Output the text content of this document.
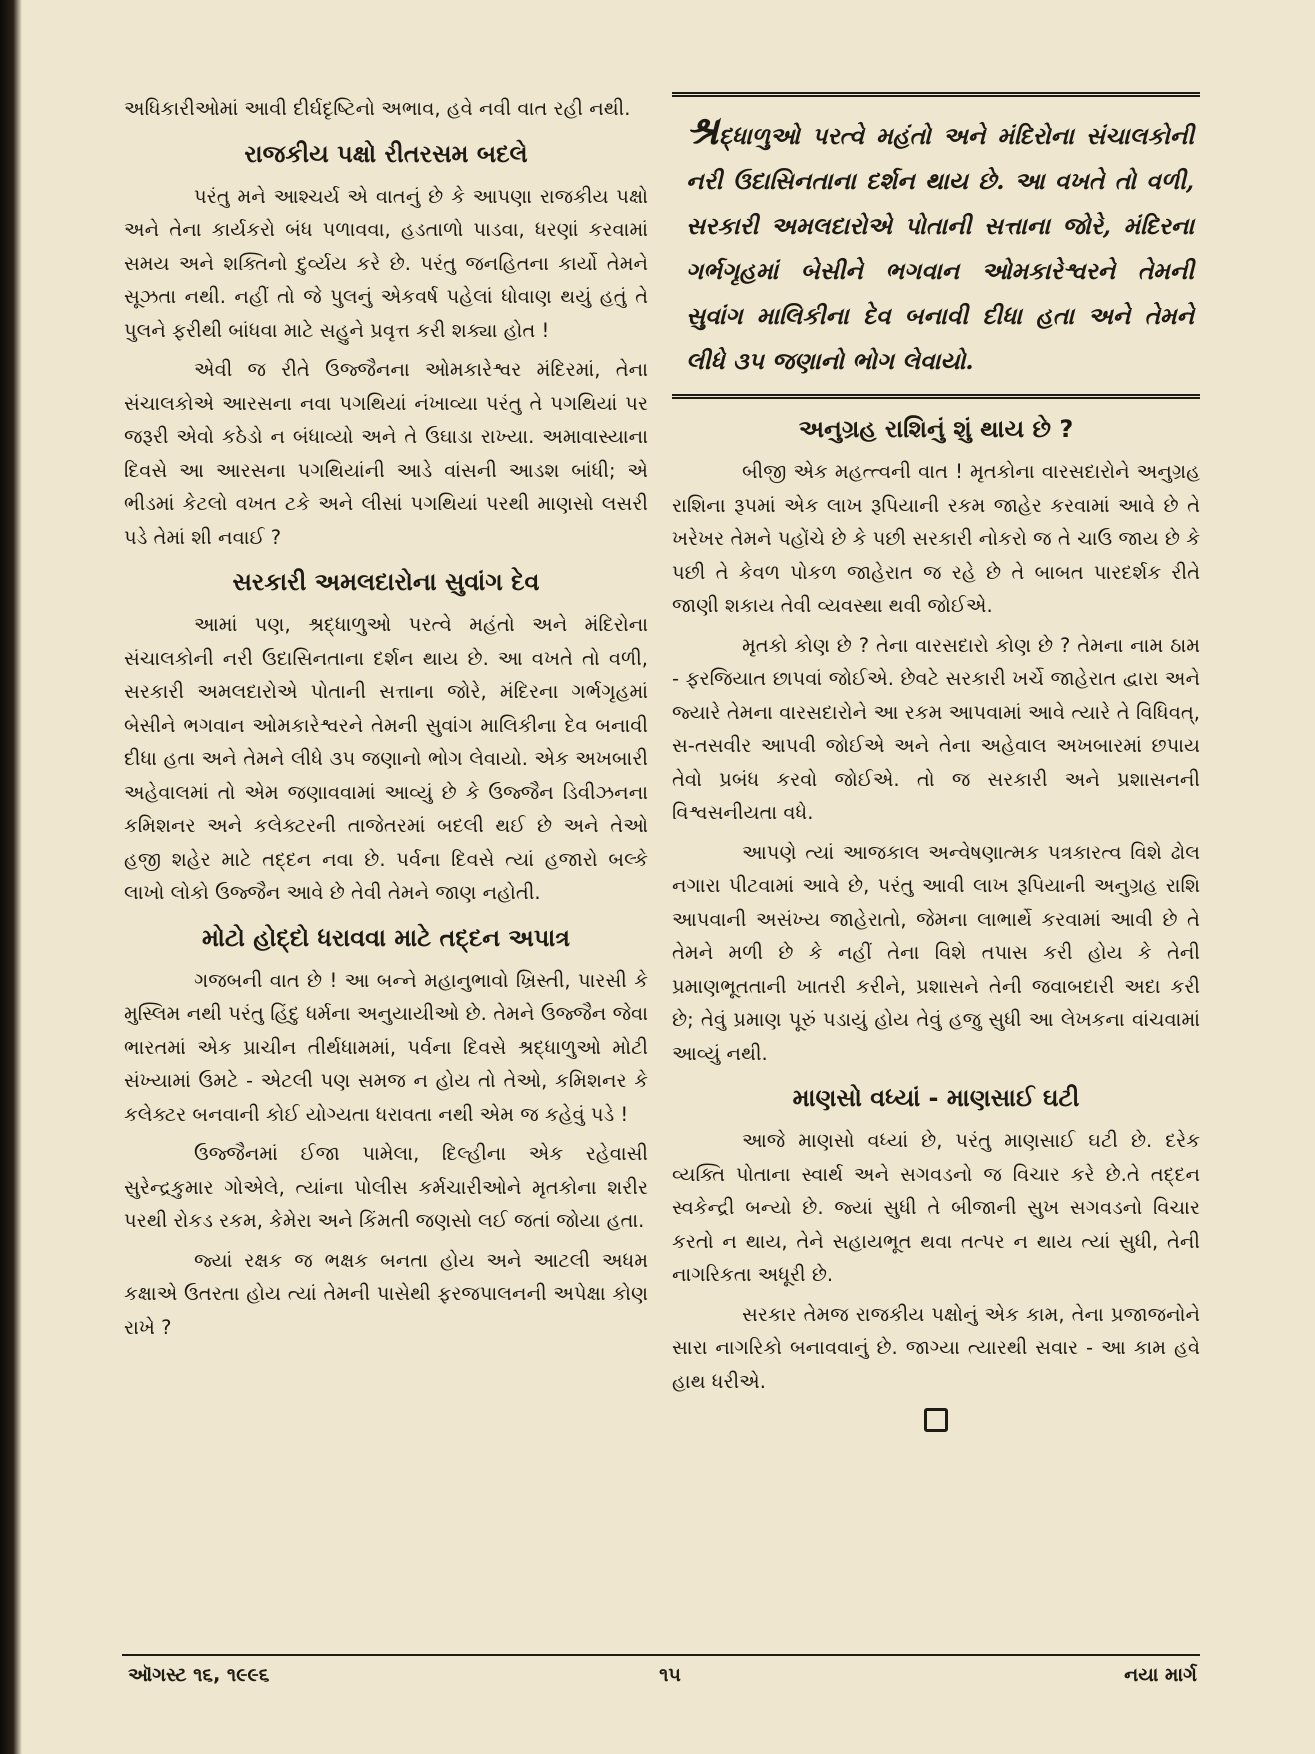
અધિકારીઓમાં આવી દીર્ઘદૃષ્ટિનો અભાવ, હવે નવી વાત રહી નથી.

રાજકીય પક્ષો રીતરસમ બદલે

પરંતુ મને આશ્ચર્ય એ વાતનું છે કે આપણા રાજકીય પક્ષો અને તેના કાર્યકરો બંધ પળાવવા, હડતાળો પાડવા, ધરણાં કરવામાં સમય અને શક્તિનો દુર્વ્યય કરે છે. પરંતુ જનહિતના કાર્યો તેમને સૂઝતા નથી. નહીં તો જે પુલનું એકવર્ષ પહેલાં ધોવાણ થયું હતું તે પુલને ફરીથી બાંધવા માટે સહુને પ્રવૃત્ત કરી શક્યા હોત !

એવી જ રીતે ઉજ્જૈનના ઓમકારેશ્વર મંદિરમાં, તેના સંચાલકોએ આરસના નવા પગથિયાં નંખાવ્યા પરંતુ તે પગથિયાં પર જરૂરી એવો કઠેડો ન બંધાવ્યો અને તે ઉઘાડા રાખ્યા. અમાવાસ્યાના દિવસે આ આરસના પગથિયાંની આડે વાંસની આડશ બાંધી; એ ભીડમાં કેટલો વખત ટકે અને લીસાં પગથિયાં પરથી માણસો લસરી પડે તેમાં શી નવાઈ ?

સરકારી અમલદારોના સુવાંગ દેવ

આમાં પણ, શ્રદ્ધાળુઓ પરત્વે મહંતો અને મંદિરોના સંચાલકોની નરી ઉદાસિનતાના દર્શન થાય છે. આ વખતે તો વળી, સરકારી અમલદારોએ પોતાની સત્તાના જોરે, મંદિરના ગર્ભગૃહમાં બેસીને ભગવાન ઓમકારેશ્વરને તેમની સુવાંગ માલિકીના દેવ બનાવી દીધા હતા અને તેમને લીધે ૩૫ જણાનો ભોગ લેવાયો. એક અખબારી અહેવાલમાં તો એમ જણાવવામાં આવ્યું છે કે ઉજ્જૈન ડિવીઝનના કમિશનર અને કલેક્ટરની તાજેતરમાં બદલી થઈ છે અને તેઓ હજી શહેર માટે તદ્દન નવા છે. પર્વના દિવસે ત્યાં હજારો બલ્કે લાખો લોકો ઉજ્જૈન આવે છે તેવી તેમને જાણ નહોતી.

મોટો હોદ્દો ધરાવવા માટે તદ્દન અપાત્ર

ગજબની વાત છે ! આ બન્ને મહાનુભાવો ખ્રિસ્તી, પારસી કે મુસ્લિમ નથી પરંતુ હિંદુ ધર્મના અનુયાયીઓ છે. તેમને ઉજ્જૈન જેવા ભારતમાં એક પ્રાચીન તીર્થધામમાં, પર્વના દિવસે શ્રદ્ધાળુઓ મોટી સંખ્યામાં ઉમટે - એટલી પણ સમજ ન હોય તો તેઓ, કમિશનર કે કલેક્ટર બનવાની કોઈ યોગ્યતા ધરાવતા નથી એમ જ કહેવું પડે !

ઉજ્જૈનમાં ઈજા પામેલા, દિલ્હીના એક રહેવાસી સુરેન્દ્રકુમાર ગોએલે, ત્યાંના પોલીસ કર્મચારીઓને મૃતકોના શરીર પરથી રોકડ રકમ, કેમેરા અને કિંમતી જણસો લઈ જતાં જોયા હતા.

જ્યાં રક્ષક જ ભક્ષક બનતા હોય અને આટલી અધમ કક્ષાએ ઉતરતા હોય ત્યાં તેમની પાસેથી ફરજપાલનની અપેક્ષા કોણ રાખે ?

શ્રદ્ધાળુઓ પરત્વે મહંતો અને મંદિરોના સંચાલકોની નરી ઉદાસિનતાના દર્શન થાય છે. આ વખતે તો વળી, સરકારી અમલદારોએ પોતાની સત્તાના જોરે, મંદિરના ગર્ભગૃહમાં બેસીને ભગવાન ઓમકારેશ્વરને તેમની સુવાંગ માલિકીના દેવ બનાવી દીધા હતા અને તેમને લીધે ૩૫ જણાનો ભોગ લેવાયો.

અનુગ્રહ રાશિનું શું થાય છે ?

બીજી એક મહત્ત્વની વાત ! મૃતકોના વારસદારોને અનુગ્રહ રાશિના રૂપમાં એક લાખ રૂપિયાની રકમ જાહેર કરવામાં આવે છે તે ખરેખર તેમને પહોંચે છે કે પછી સરકારી નોકરો જ તે ચાઉ જાય છે કે પછી તે કેવળ પોકળ જાહેરાત જ રહે છે તે બાબત પારદર્શક રીતે જાણી શકાય તેવી વ્યવસ્થા થવી જોઈએ.

મૃતકો કોણ છે ? તેના વારસદારો કોણ છે ? તેમના નામ ઠામ - ફરજિયાત છાપવાં જોઈએ. છેવટે સરકારી ખર્ચે જાહેરાત દ્વારા અને જ્યારે તેમના વારસદારોને આ રકમ આપવામાં આવે ત્યારે તે વિધિવત્, સ-તસવીર આપવી જોઈએ અને તેના અહેવાલ અખબારમાં છપાય તેવો પ્રબંધ કરવો જોઈએ. તો જ સરકારી અને પ્રશાસનની વિશ્વસનીયતા વધે.

આપણે ત્યાં આજકાલ અન્વેષણાત્મક પત્રકારત્વ વિશે ઢોલ નગારા પીટવામાં આવે છે, પરંતુ આવી લાખ રૂપિયાની અનુગ્રહ રાશિ આપવાની અસંખ્ય જાહેરાતો, જેમના લાભાર્થે કરવામાં આવી છે તે તેમને મળી છે કે નહીં તેના વિશે તપાસ કરી હોય કે તેની પ્રમાણભૂતતાની ખાતરી કરીને, પ્રશાસને તેની જવાબદારી અદા કરી છે; તેવું પ્રમાણ પૂરું પડાયું હોય તેવું હજુ સુધી આ લેખકના વાંચવામાં આવ્યું નથી.

માણસો વધ્યાં - માણસાઈ ઘટી

આજે માણસો વધ્યાં છે, પરંતુ માણસાઈ ઘટી છે. દરેક વ્યક્તિ પોતાના સ્વાર્થ અને સગવડનો જ વિચાર કરે છે.તે તદ્દન સ્વકેન્દ્રી બન્યો છે. જ્યાં સુધી તે બીજાની સુખ સગવડનો વિચાર કરતો ન થાય, તેને સહાયભૂત થવા તત્પર ન થાય ત્યાં સુધી, તેની નાગરિકતા અધૂરી છે.

સરકાર તેમજ રાજકીય પક્ષોનું એક કામ, તેના પ્રજાજનોને સારા નાગરિકો બનાવવાનું છે. જાગ્યા ત્યારથી સવાર - આ કામ હવે હાથ ધરીએ.

ઑગસ્ટ ૧૬, ૧૯૯૬	૧૫	નયા માર્ગ
